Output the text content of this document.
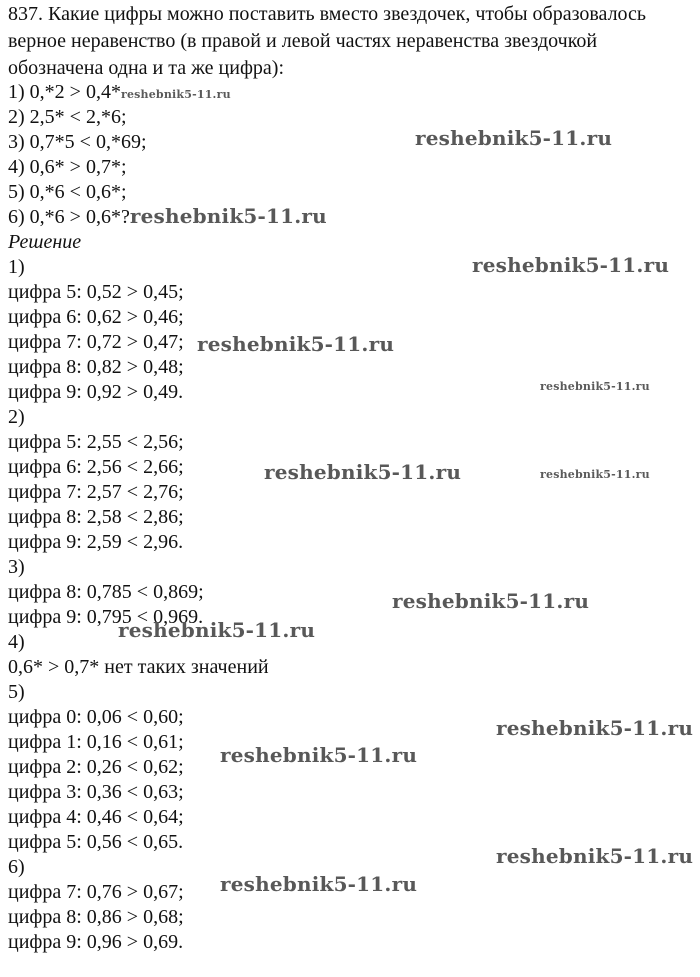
837. Какие цифры можно поставить вместо звездочек, чтобы образовалось
верное неравенство (в правой и левой частях неравенства звездочкой
обозначена одна и та же цифра):
1) 0,*2 > 0,4*reshebnik5-11.ru
2) 2,5* < 2,*6;
3) 0,7*5 < 0,*69;
4) 0,6* > 0,7*;
5) 0,*6 < 0,6*;
6) 0,*6 > 0,6*?reshebnik5-11.ru
Решение
1)
цифра 5: 0,52 > 0,45;
цифра 6: 0,62 > 0,46;
цифра 7: 0,72 > 0,47;
цифра 8: 0,82 > 0,48;
цифра 9: 0,92 > 0,49.
2)
цифра 5: 2,55 < 2,56;
цифра 6: 2,56 < 2,66;
цифра 7: 2,57 < 2,76;
цифра 8: 2,58 < 2,86;
цифра 9: 2,59 < 2,96.
3)
цифра 8: 0,785 < 0,869;
цифра 9: 0,795 < 0,969.
4)
0,6* > 0,7* нет таких значений
5)
цифра 0: 0,06 < 0,60;
цифра 1: 0,16 < 0,61;
цифра 2: 0,26 < 0,62;
цифра 3: 0,36 < 0,63;
цифра 4: 0,46 < 0,64;
цифра 5: 0,56 < 0,65.
6)
цифра 7: 0,76 > 0,67;
цифра 8: 0,86 > 0,68;
цифра 9: 0,96 > 0,69.
reshebnik5-11.ru
reshebnik5-11.ru
reshebnik5-11.ru
reshebnik5-11.ru
reshebnik5-11.ru	reshebnik5-11.ru
reshebnik5-11.ru
reshebnik5-11.ru
reshebnik5-11.ru
reshebnik5-11.ru
reshebnik5-11.ru
reshebnik5-11.ru
